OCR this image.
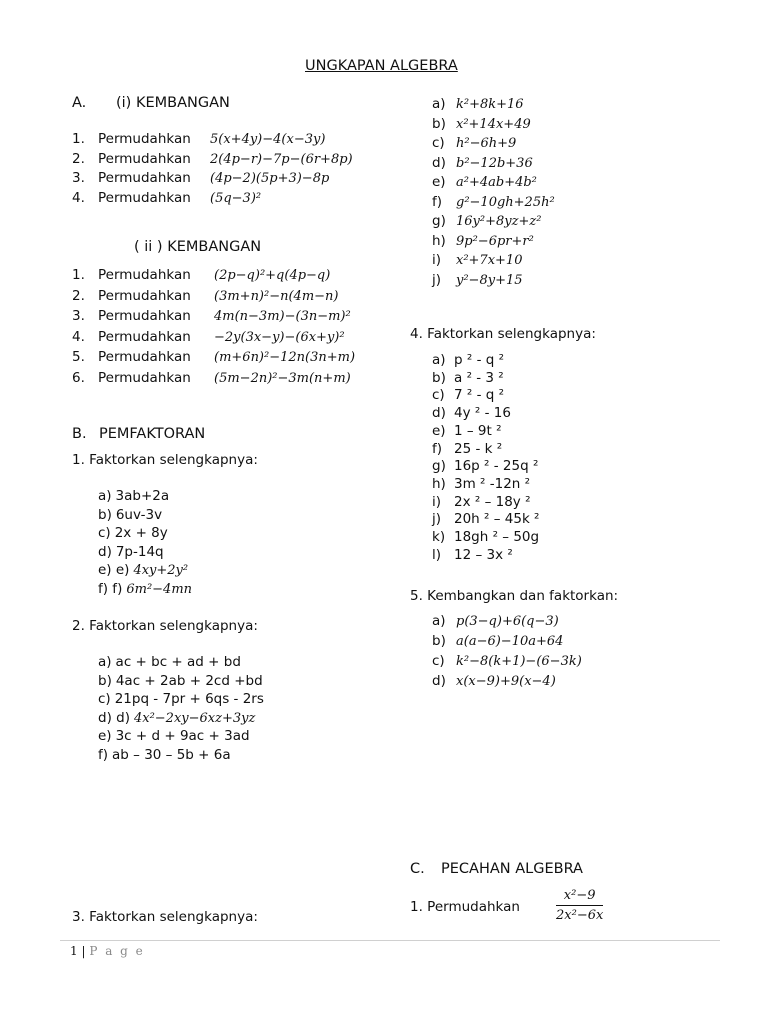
UNGKAPAN ALGEBRA
A. (i) KEMBANGAN
1. Permudahkan 5(x+4y)−4(x−3y)
2. Permudahkan 2(4p−r)−7p−(6r+8p)
3. Permudahkan (4p−2)(5p+3)−8p
4. Permudahkan (5q−3)²
( ii ) KEMBANGAN
1. Permudahkan (2p−q)²+q(4p−q)
2. Permudahkan (3m+n)²−n(4m−n)
3. Permudahkan 4m(n−3m)−(3n−m)²
4. Permudahkan −2y(3x−y)−(6x+y)²
5. Permudahkan (m+6n)²−12n(3n+m)
6. Permudahkan (5m−2n)²−3m(n+m)
B. PEMFAKTORAN
1. Faktorkan selengkapnya:
a) 3ab+2a
b) 6uv-3v
c) 2x + 8y
d) 7p-14q
e) e) 4xy+2y²
f) f) 6m²−4mn
2. Faktorkan selengkapnya:
a) ac + bc + ad + bd
b) 4ac + 2ab + 2cd +bd
c) 21pq - 7pr + 6qs - 2rs
d) d) 4x²−2xy−6xz+3yz
e) 3c + d + 9ac + 3ad
f) ab – 30 – 5b + 6a
3. Faktorkan selengkapnya:
a) k²+8k+16
b) x²+14x+49
c) h²−6h+9
d) b²−12b+36
e) a²+4ab+4b²
f) g²−10gh+25h²
g) 16y²+8yz+z²
h) 9p²−6pr+r²
i) x²+7x+10
j) y²−8y+15
4. Faktorkan selengkapnya:
a) p ² - q ²
b) a ² - 3 ²
c) 7 ² - q ²
d) 4y ² - 16
e) 1 – 9t ²
f) 25 - k ²
g) 16p ² - 25q ²
h) 3m ² -12n ²
i) 2x ² – 18y ²
j) 20h ² – 45k ²
k) 18gh ² – 50g
l) 12 – 3x ²
5. Kembangkan dan faktorkan:
a) p(3−q)+6(q−3)
b) a(a−6)−10a+64
c) k²−8(k+1)−(6−3k)
d) x(x−9)+9(x−4)
C. PECAHAN ALGEBRA
1. Permudahkan	$\frac{\text{x²−9}}{\text{2x²−6x}}$
1 | P a g e
